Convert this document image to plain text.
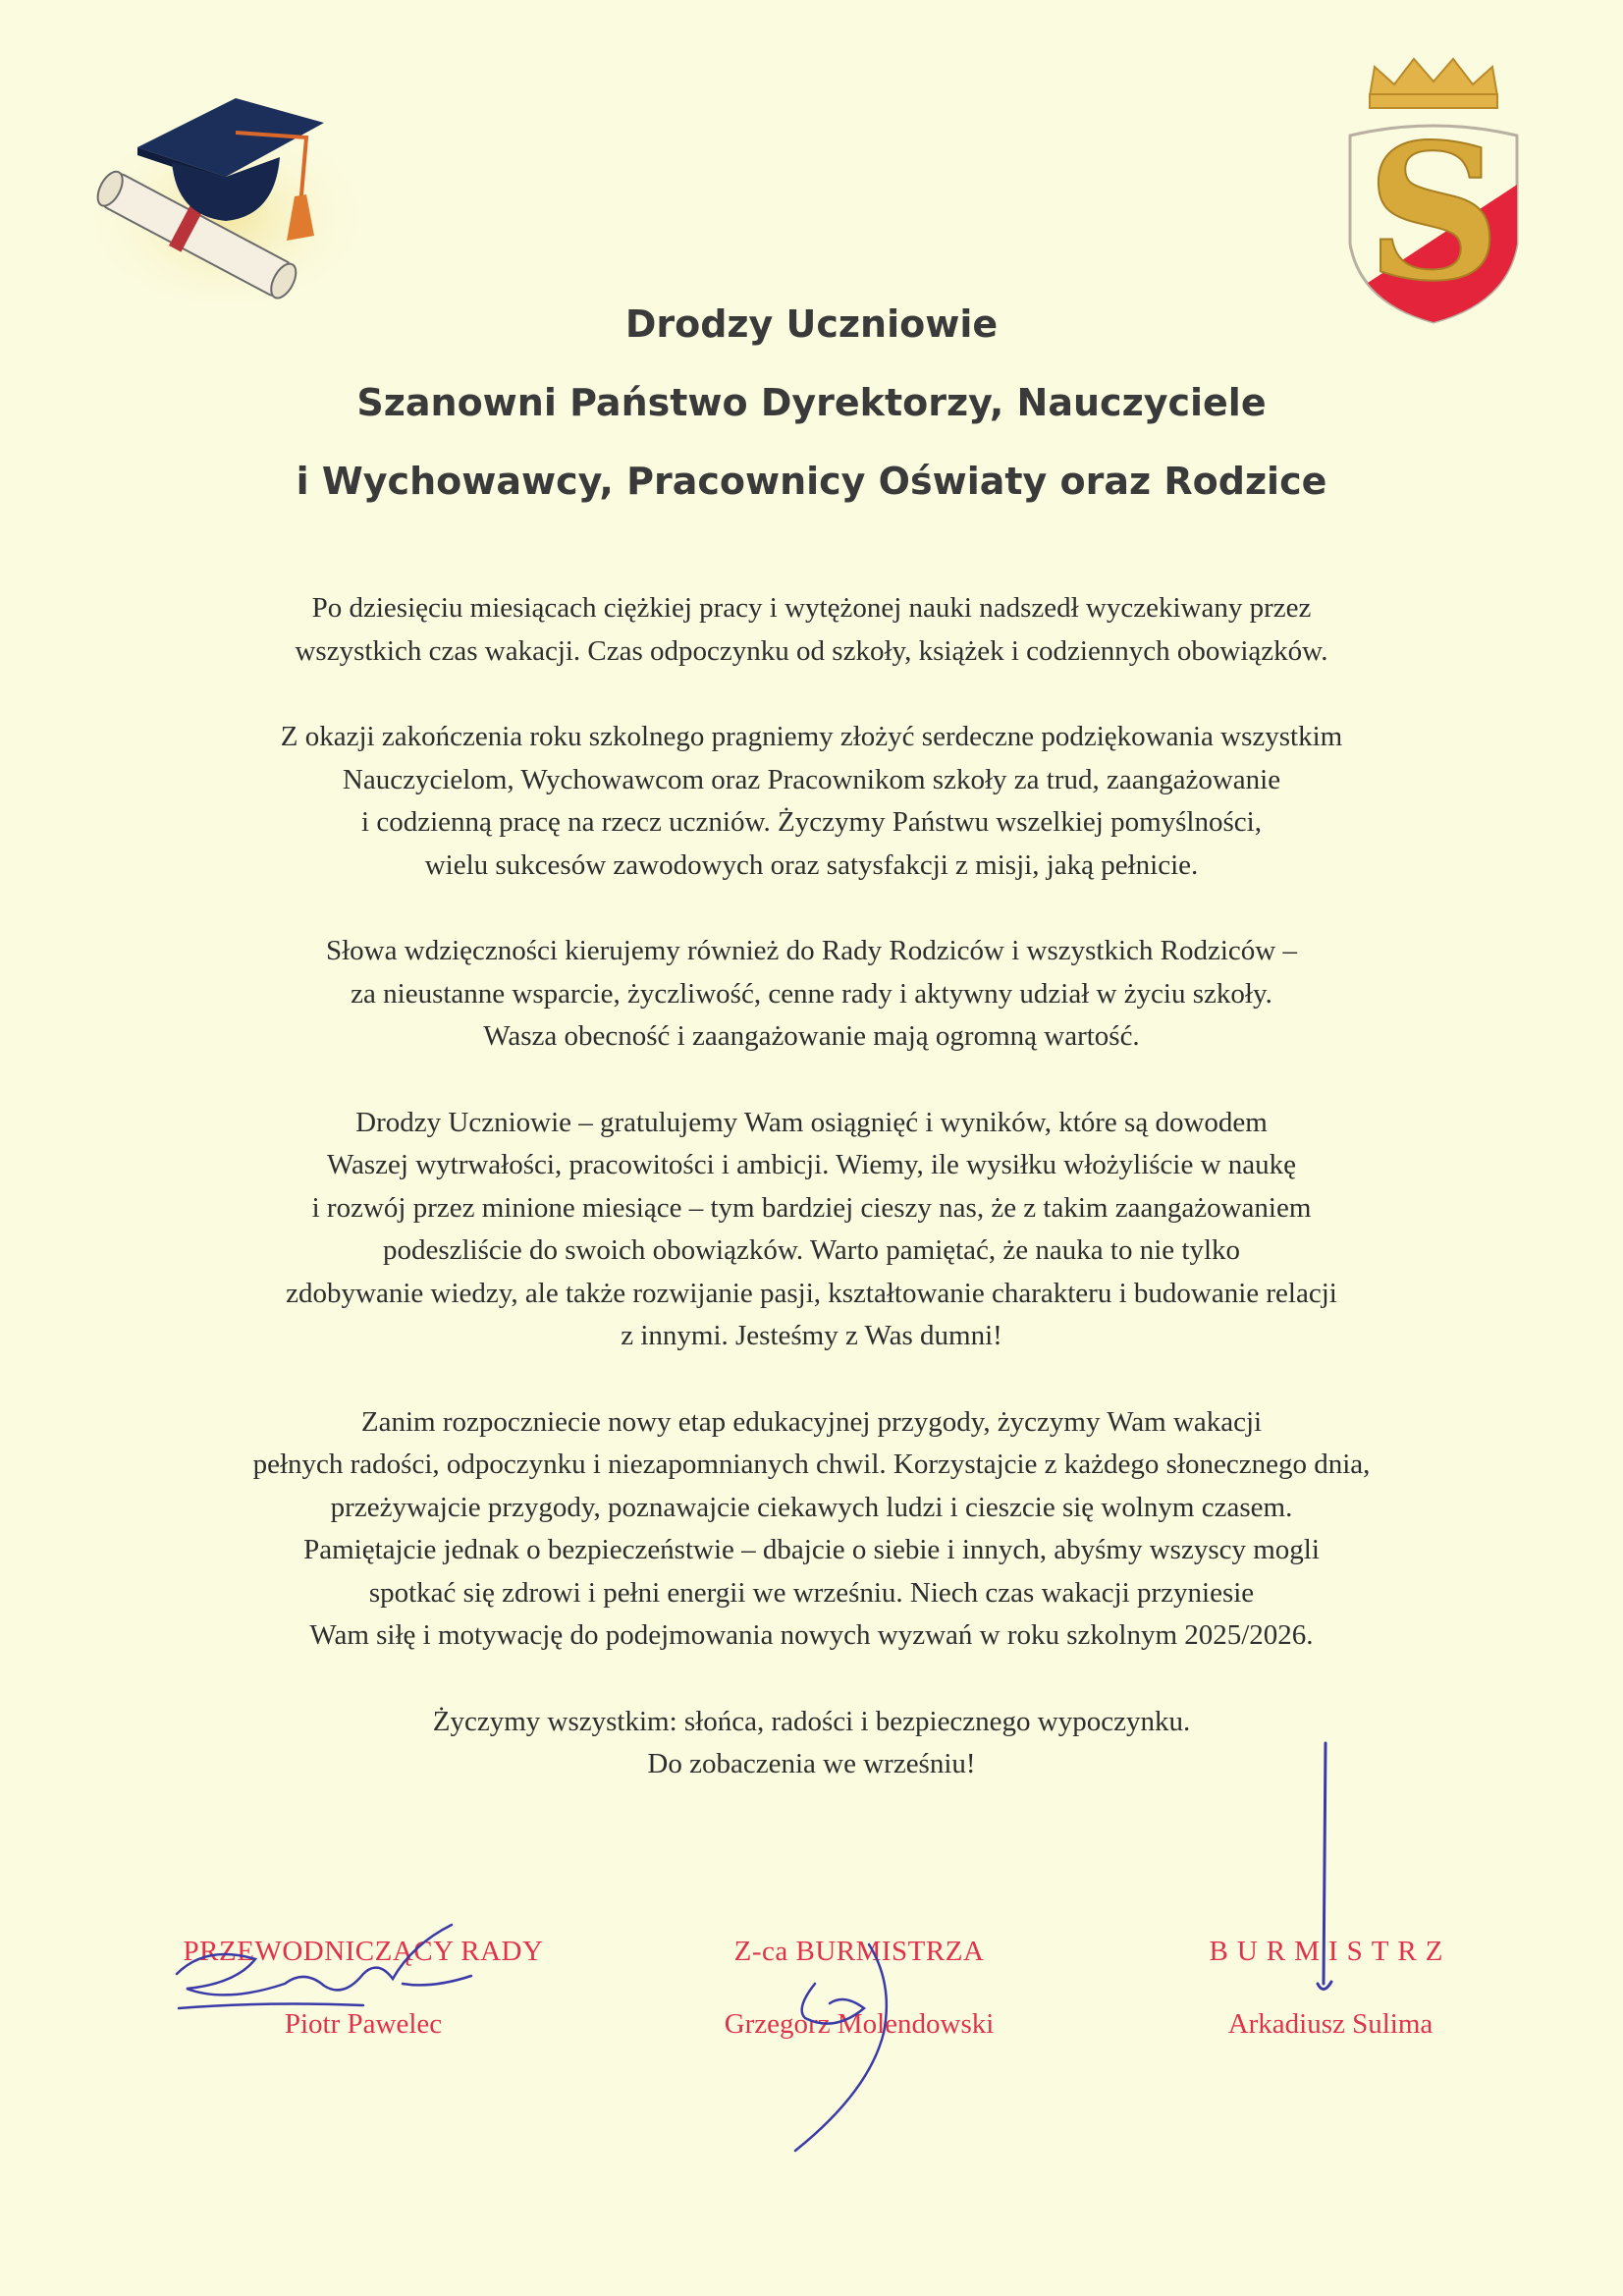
S

Drodzy Uczniowie

Szanowni Państwo Dyrektorzy, Nauczyciele

i Wychowawcy, Pracownicy Oświaty oraz Rodzice

Po dziesięciu miesiącach ciężkiej pracy i wytężonej nauki nadszedł wyczekiwany przez
wszystkich czas wakacji. Czas odpoczynku od szkoły, książek i codziennych obowiązków.
Z okazji zakończenia roku szkolnego pragniemy złożyć serdeczne podziękowania wszystkim
Nauczycielom, Wychowawcom oraz Pracownikom szkoły za trud, zaangażowanie
i codzienną pracę na rzecz uczniów. Życzymy Państwu wszelkiej pomyślności,
wielu sukcesów zawodowych oraz satysfakcji z misji, jaką pełnicie.
Słowa wdzięczności kierujemy również do Rady Rodziców i wszystkich Rodziców –
za nieustanne wsparcie, życzliwość, cenne rady i aktywny udział w życiu szkoły.
Wasza obecność i zaangażowanie mają ogromną wartość.
Drodzy Uczniowie – gratulujemy Wam osiągnięć i wyników, które są dowodem
Waszej wytrwałości, pracowitości i ambicji. Wiemy, ile wysiłku włożyliście w naukę
i rozwój przez minione miesiące – tym bardziej cieszy nas, że z takim zaangażowaniem
podeszliście do swoich obowiązków. Warto pamiętać, że nauka to nie tylko
zdobywanie wiedzy, ale także rozwijanie pasji, kształtowanie charakteru i budowanie relacji
z innymi. Jesteśmy z Was dumni!
Zanim rozpoczniecie nowy etap edukacyjnej przygody, życzymy Wam wakacji
pełnych radości, odpoczynku i niezapomnianych chwil. Korzystajcie z każdego słonecznego dnia,
przeżywajcie przygody, poznawajcie ciekawych ludzi i cieszcie się wolnym czasem.
Pamiętajcie jednak o bezpieczeństwie – dbajcie o siebie i innych, abyśmy wszyscy mogli
spotkać się zdrowi i pełni energii we wrześniu. Niech czas wakacji przyniesie
Wam siłę i motywację do podejmowania nowych wyzwań w roku szkolnym 2025/2026.
Życzymy wszystkim: słońca, radości i bezpiecznego wypoczynku.
Do zobaczenia we wrześniu!
PRZEWODNICZĄCY RADY
Piotr Pawelec
Z-ca BURMISTRZA
Grzegorz Molendowski
BURMISTRZ
Arkadiusz Sulima
